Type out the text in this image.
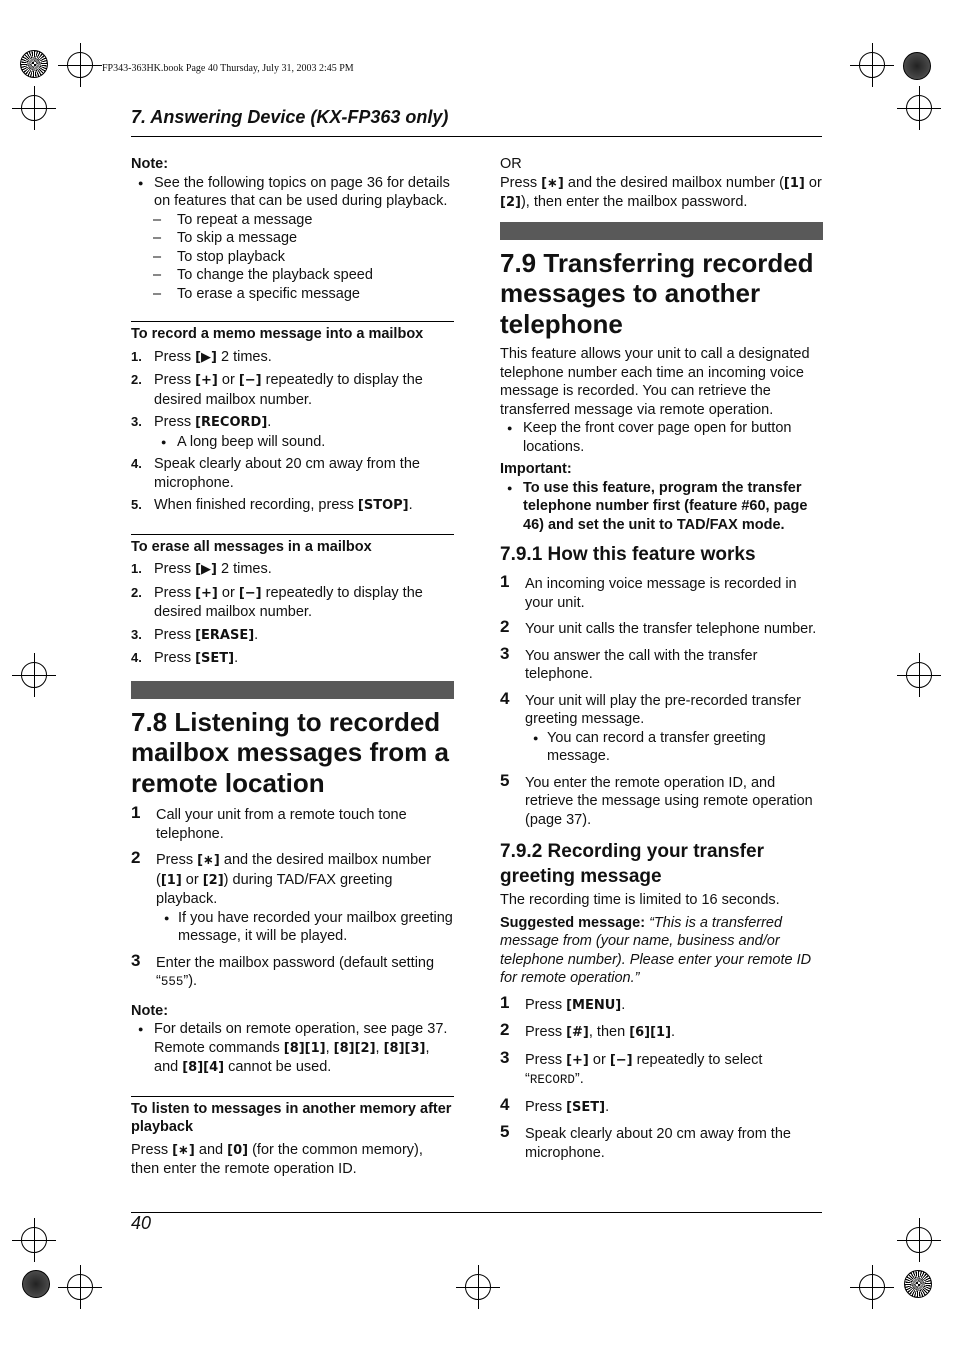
FP343-363HK.book Page 40 Thursday, July 31, 2003 2:45 PM
7. Answering Device (KX-FP363 only)

Note:

● See the following topics on page 36 for details on features that can be used during playback.

– To repeat a message

– To skip a message

– To stop playback

– To change the playback speed

– To erase a specific message

To record a memo message into a mailbox

1. Press [▶] 2 times.
2. Press [+] or [−] repeatedly to display the desired mailbox number.
3. Press [RECORD].

● A long beep will sound.

4. Speak clearly about 20 cm away from the microphone.
5. When finished recording, press [STOP].

To erase all messages in a mailbox

1. Press [▶] 2 times.
2. Press [+] or [−] repeatedly to display the desired mailbox number.
3. Press [ERASE].
4. Press [SET].
7.8 Listening to recorded mailbox messages from a remote location
1 Call your unit from a remote touch tone telephone.
2 Press [∗] and the desired mailbox number ([1] or [2]) during TAD/FAX greeting playback.

● If you have recorded your mailbox greeting message, it will be played.

3 Enter the mailbox password (default setting “555”).

Note:

● For details on remote operation, see page 37. Remote commands [8][1], [8][2], [8][3], and [8][4] cannot be used.

To listen to messages in another memory after playback

Press [∗] and [0] (for the common memory), then enter the remote operation ID.

OR

Press [∗] and the desired mailbox number ([1] or [2]), then enter the mailbox password.

7.9 Transferring recorded messages to another telephone

This feature allows your unit to call a designated telephone number each time an incoming voice message is recorded. You can retrieve the transferred message via remote operation.

● Keep the front cover page open for button locations.

Important:

● To use this feature, program the transfer telephone number first (feature #60, page 46) and set the unit to TAD/FAX mode.

7.9.1 How this feature works
1 An incoming voice message is recorded in your unit.
2 Your unit calls the transfer telephone number.
3 You answer the call with the transfer telephone.
4 Your unit will play the pre-recorded transfer greeting message.

● You can record a transfer greeting message.

5 You enter the remote operation ID, and retrieve the message using remote operation (page 37).
7.9.2 Recording your transfer greeting message

The recording time is limited to 16 seconds.

Suggested message: “This is a transferred message from (your name, business and/or telephone number). Please enter your remote ID for remote operation.”

1 Press [MENU].
2 Press [#], then [6][1].
3 Press [+] or [−] repeatedly to select “RECORD”.
4 Press [SET].
5 Speak clearly about 20 cm away from the microphone.
40
